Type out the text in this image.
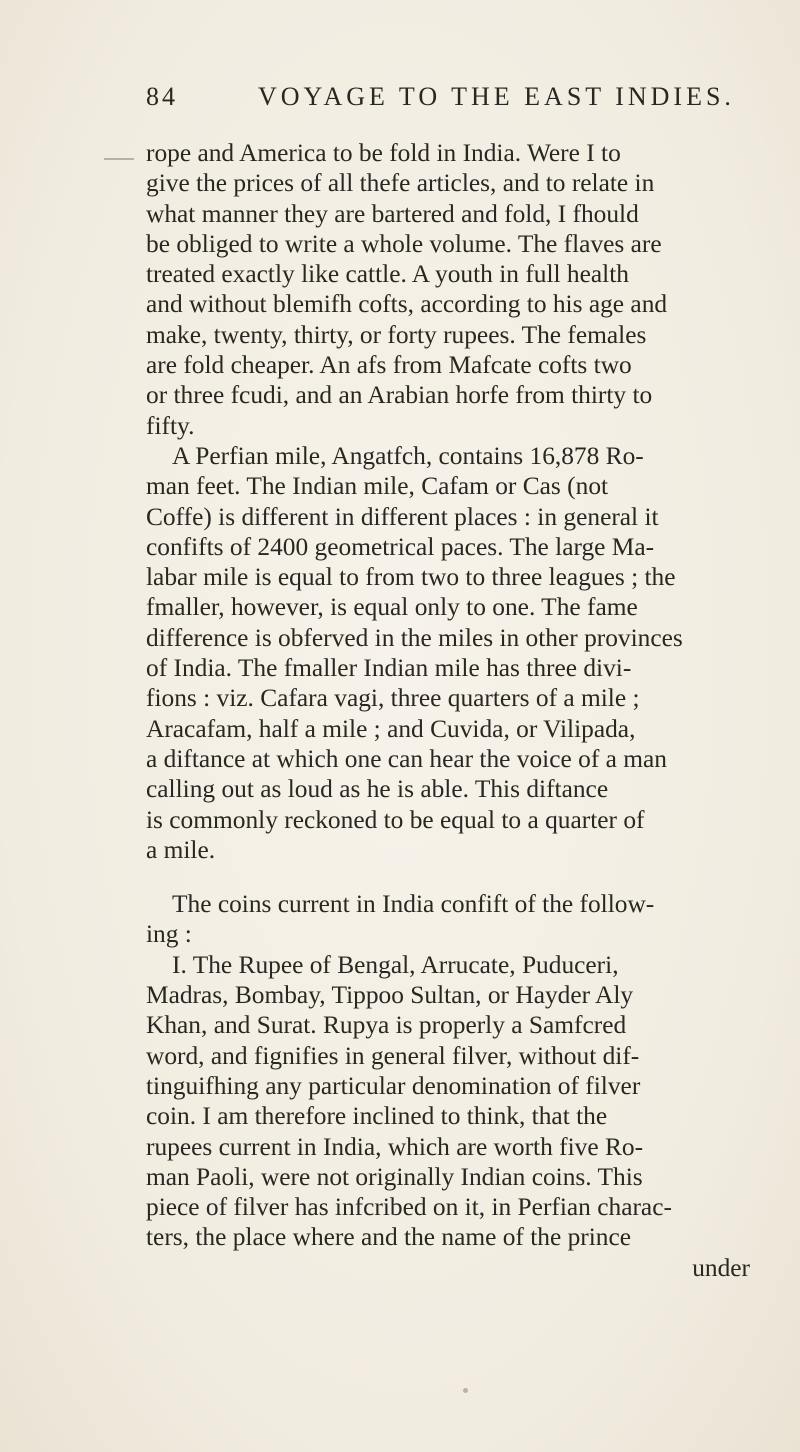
84	VOYAGE TO THE EAST INDIES.

rope and America to be fold in India. Were I to
give the prices of all thefe articles, and to relate in
what manner they are bartered and fold, I fhould
be obliged to write a whole volume. The flaves are
treated exactly like cattle. A youth in full health
and without blemifh cofts, according to his age and
make, twenty, thirty, or forty rupees. The females
are fold cheaper. An afs from Mafcate cofts two
or three fcudi, and an Arabian horfe from thirty to
fifty.

A Perfian mile, Angatfch, contains 16,878 Ro-
man feet. The Indian mile, Cafam or Cas (not
Coffe) is different in different places : in general it
confifts of 2400 geometrical paces. The large Ma-
labar mile is equal to from two to three leagues ; the
fmaller, however, is equal only to one. The fame
difference is obferved in the miles in other provinces
of India. The fmaller Indian mile has three divi-
fions : viz. Cafara vagi, three quarters of a mile ;
Aracafam, half a mile ; and Cuvida, or Vilipada,
a diftance at which one can hear the voice of a man
calling out as loud as he is able. This diftance
is commonly reckoned to be equal to a quarter of
a mile.

The coins current in India confift of the follow-
ing :

I. The Rupee of Bengal, Arrucate, Puduceri,
Madras, Bombay, Tippoo Sultan, or Hayder Aly
Khan, and Surat. Rupya is properly a Samfcred
word, and fignifies in general filver, without dif-
tinguifhing any particular denomination of filver
coin. I am therefore inclined to think, that the
rupees current in India, which are worth five Ro-
man Paoli, were not originally Indian coins. This
piece of filver has infcribed on it, in Perfian charac-
ters, the place where and the name of the prince

under
